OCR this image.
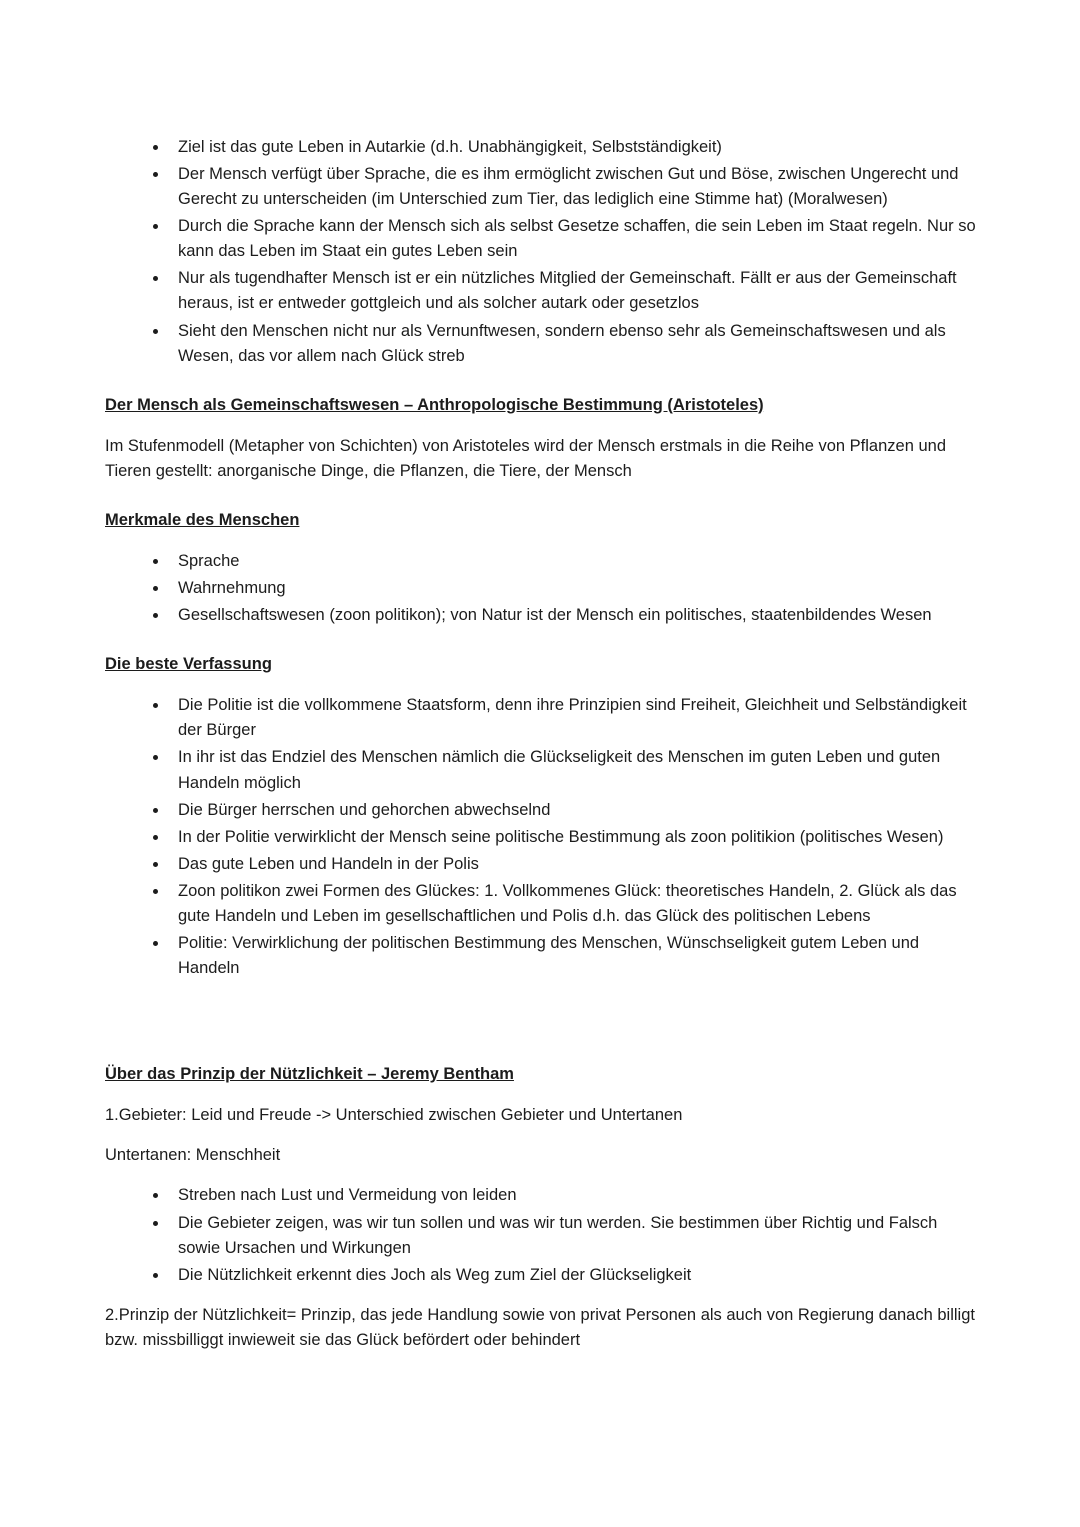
• Ziel ist das gute Leben in Autarkie (d.h. Unabhängigkeit, Selbstständigkeit)
• Der Mensch verfügt über Sprache, die es ihm ermöglicht zwischen Gut und Böse, zwischen Ungerecht und Gerecht zu unterscheiden (im Unterschied zum Tier, das lediglich eine Stimme hat) (Moralwesen)
• Durch die Sprache kann der Mensch sich als selbst Gesetze schaffen, die sein Leben im Staat regeln. Nur so kann das Leben im Staat ein gutes Leben sein
• Nur als tugendhafter Mensch ist er ein nützliches Mitglied der Gemeinschaft. Fällt er aus der Gemeinschaft heraus, ist er entweder gottgleich und als solcher autark oder gesetzlos
• Sieht den Menschen nicht nur als Vernunftwesen, sondern ebenso sehr als Gemeinschaftswesen und als Wesen, das vor allem nach Glück streb
Der Mensch als Gemeinschaftswesen – Anthropologische Bestimmung (Aristoteles)

Im Stufenmodell (Metapher von Schichten) von Aristoteles wird der Mensch erstmals in die Reihe von Pflanzen und Tieren gestellt: anorganische Dinge, die Pflanzen, die Tiere, der Mensch

Merkmale des Menschen
• Sprache
• Wahrnehmung
• Gesellschaftswesen (zoon politikon); von Natur ist der Mensch ein politisches, staatenbildendes Wesen
Die beste Verfassung
• Die Politie ist die vollkommene Staatsform, denn ihre Prinzipien sind Freiheit, Gleichheit und Selbständigkeit der Bürger
• In ihr ist das Endziel des Menschen nämlich die Glückseligkeit des Menschen im guten Leben und guten Handeln möglich
• Die Bürger herrschen und gehorchen abwechselnd
• In der Politie verwirklicht der Mensch seine politische Bestimmung als zoon politikion (politisches Wesen)
• Das gute Leben und Handeln in der Polis
• Zoon politikon zwei Formen des Glückes: 1. Vollkommenes Glück: theoretisches Handeln, 2. Glück als das gute Handeln und Leben im gesellschaftlichen und Polis d.h. das Glück des politischen Lebens
• Politie: Verwirklichung der politischen Bestimmung des Menschen, Wünschseligkeit gutem Leben und Handeln
Über das Prinzip der Nützlichkeit – Jeremy Bentham

1.Gebieter: Leid und Freude -> Unterschied zwischen Gebieter und Untertanen

Untertanen: Menschheit

• Streben nach Lust und Vermeidung von leiden
• Die Gebieter zeigen, was wir tun sollen und was wir tun werden. Sie bestimmen über Richtig und Falsch sowie Ursachen und Wirkungen
• Die Nützlichkeit erkennt dies Joch als Weg zum Ziel der Glückseligkeit

2.Prinzip der Nützlichkeit= Prinzip, das jede Handlung sowie von privat Personen als auch von Regierung danach billigt bzw. missbilliggt inwieweit sie das Glück befördert oder behindert
